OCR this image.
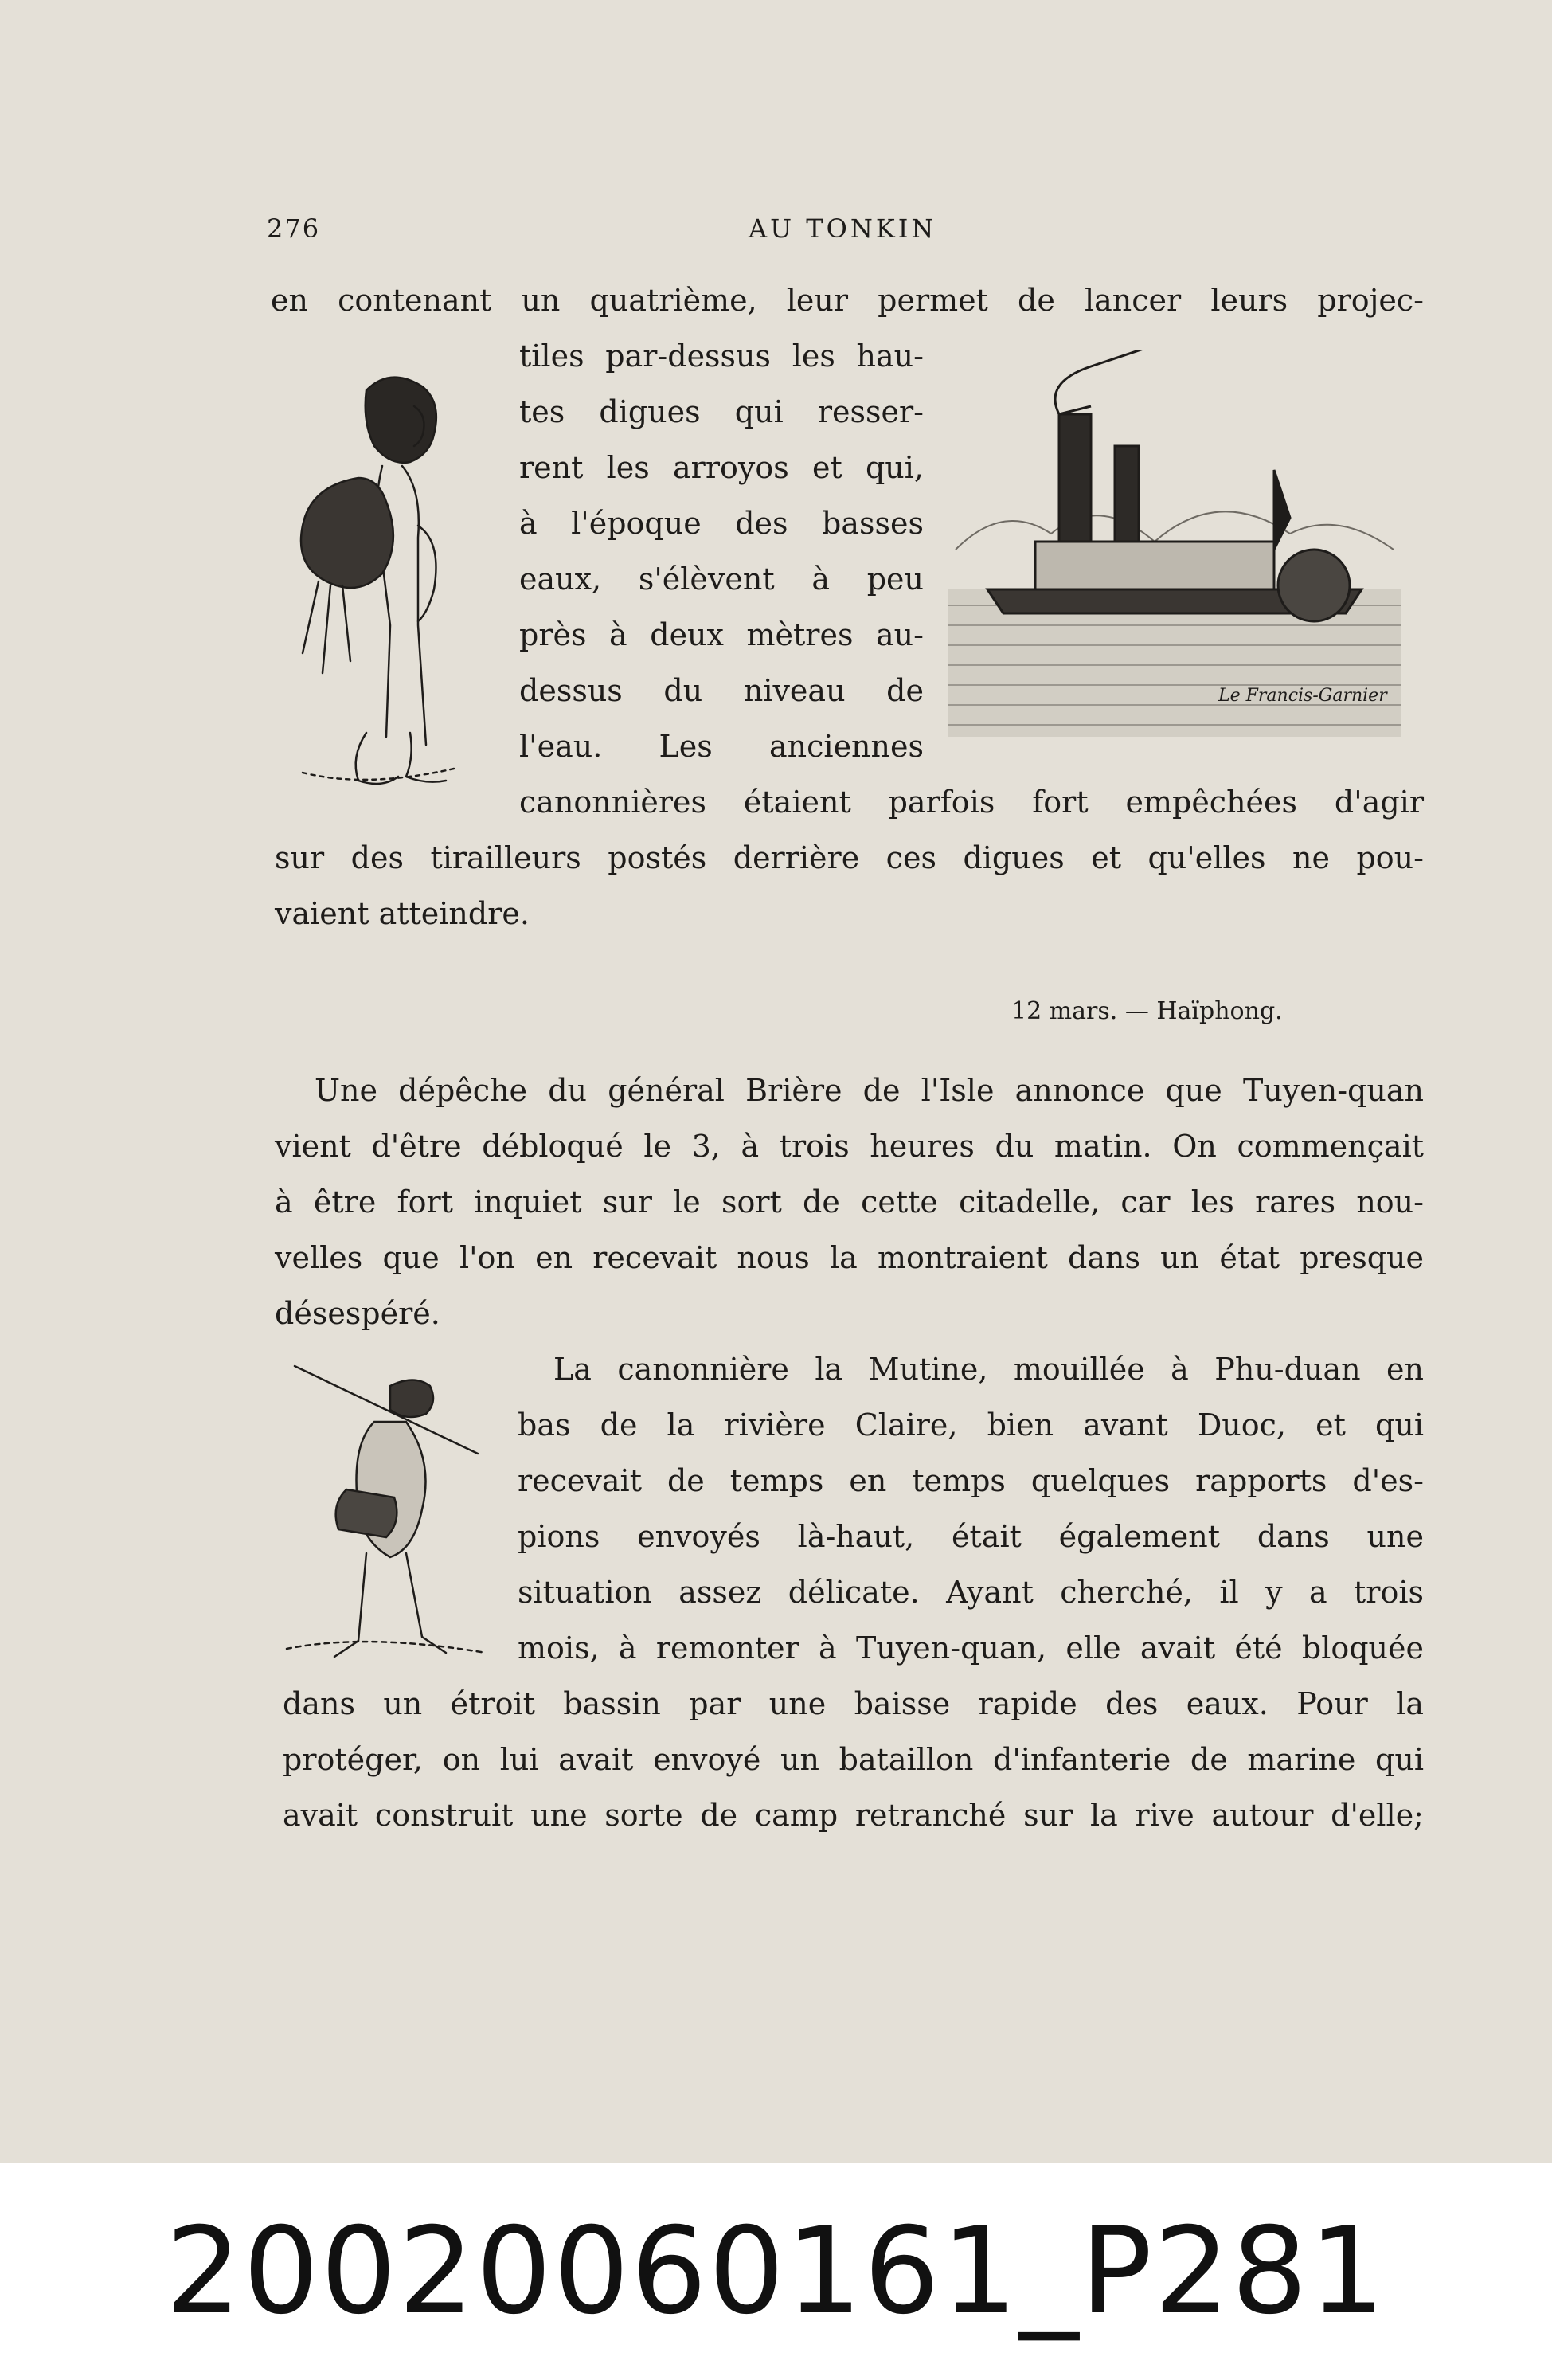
276	AU TONKIN
en contenant un quatrième, leur permet de lancer leurs projec-
tiles par-dessus les hau-
tes digues qui resser-
rent les arroyos et qui,
à l'époque des basses
eaux, s'élèvent à peu
près à deux mètres au-
dessus du niveau de
l'eau. Les anciennes
canonnières étaient parfois fort empêchées d'agir
sur des tirailleurs postés derrière ces digues et qu'elles ne pou-
vaient atteindre.
12 mars. — Haïphong.
Une dépêche du général Brière de l'Isle annonce que Tuyen-quan
vient d'être débloqué le 3, à trois heures du matin. On commençait
à être fort inquiet sur le sort de cette citadelle, car les rares nou-
velles que l'on en recevait nous la montraient dans un état presque
désespéré.
La canonnière la Mutine, mouillée à Phu-duan en
bas de la rivière Claire, bien avant Duoc, et qui
recevait de temps en temps quelques rapports d'es-
pions envoyés là-haut, était également dans une
situation assez délicate. Ayant cherché, il y a trois
mois, à remonter à Tuyen-quan, elle avait été bloquée
dans un étroit bassin par une baisse rapide des eaux. Pour la
protéger, on lui avait envoyé un bataillon d'infanterie de marine qui
avait construit une sorte de camp retranché sur la rive autour d'elle;
Le Francis-Garnier
20020060161_P281
